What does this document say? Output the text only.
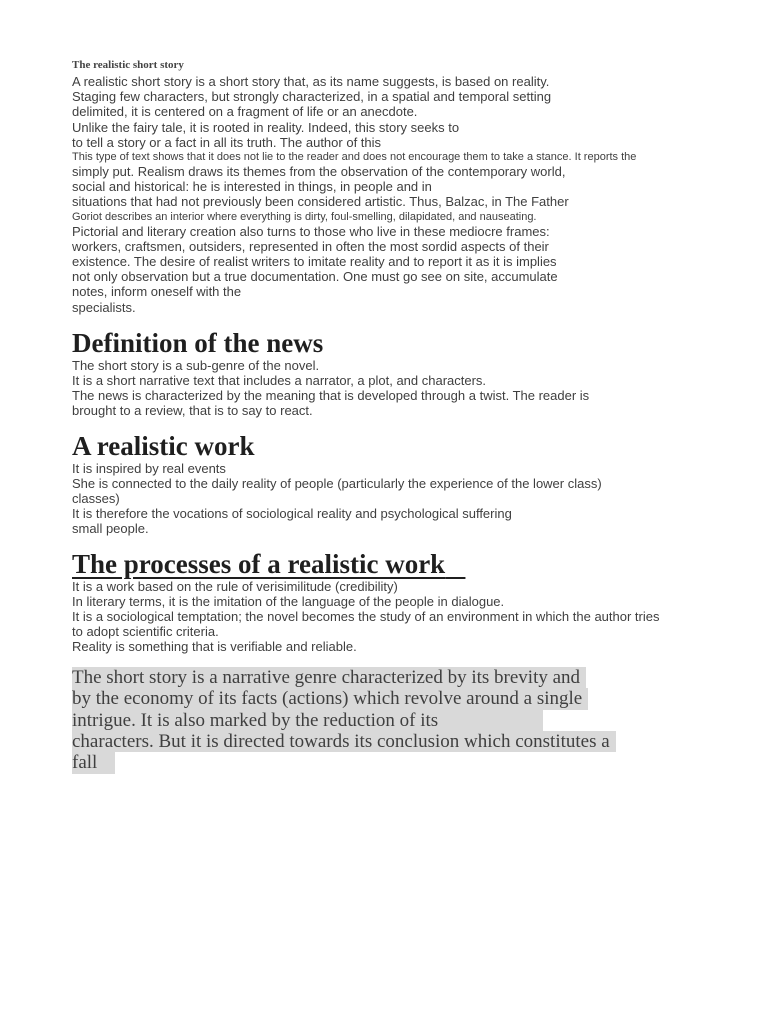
The realistic short story
A realistic short story is a short story that, as its name suggests, is based on reality.
Staging few characters, but strongly characterized, in a spatial and temporal setting
delimited, it is centered on a fragment of life or an anecdote.
Unlike the fairy tale, it is rooted in reality. Indeed, this story seeks to
to tell a story or a fact in all its truth. The author of this
This type of text shows that it does not lie to the reader and does not encourage them to take a stance. It reports the
simply put. Realism draws its themes from the observation of the contemporary world,
social and historical: he is interested in things, in people and in
situations that had not previously been considered artistic. Thus, Balzac, in The Father
Goriot describes an interior where everything is dirty, foul-smelling, dilapidated, and nauseating.
Pictorial and literary creation also turns to those who live in these mediocre frames:
workers, craftsmen, outsiders, represented in often the most sordid aspects of their
existence. The desire of realist writers to imitate reality and to report it as it is implies
not only observation but a true documentation. One must go see on site, accumulate
notes, inform oneself with the
specialists.
Definition of the news
The short story is a sub-genre of the novel.
It is a short narrative text that includes a narrator, a plot, and characters.
The news is characterized by the meaning that is developed through a twist. The reader is
brought to a review, that is to say to react.
A realistic work
It is inspired by real events
She is connected to the daily reality of people (particularly the experience of the lower class)
classes)
It is therefore the vocations of sociological reality and psychological suffering
small people.
The processes of a realistic work
It is a work based on the rule of verisimilitude (credibility)
In literary terms, it is the imitation of the language of the people in dialogue.
It is a sociological temptation; the novel becomes the study of an environment in which the author tries
to adopt scientific criteria.
Reality is something that is verifiable and reliable.
The short story is a narrative genre characterized by its brevity and
by the economy of its facts (actions) which revolve around a single
intrigue. It is also marked by the reduction of its
characters. But it is directed towards its conclusion which constitutes a
fall
